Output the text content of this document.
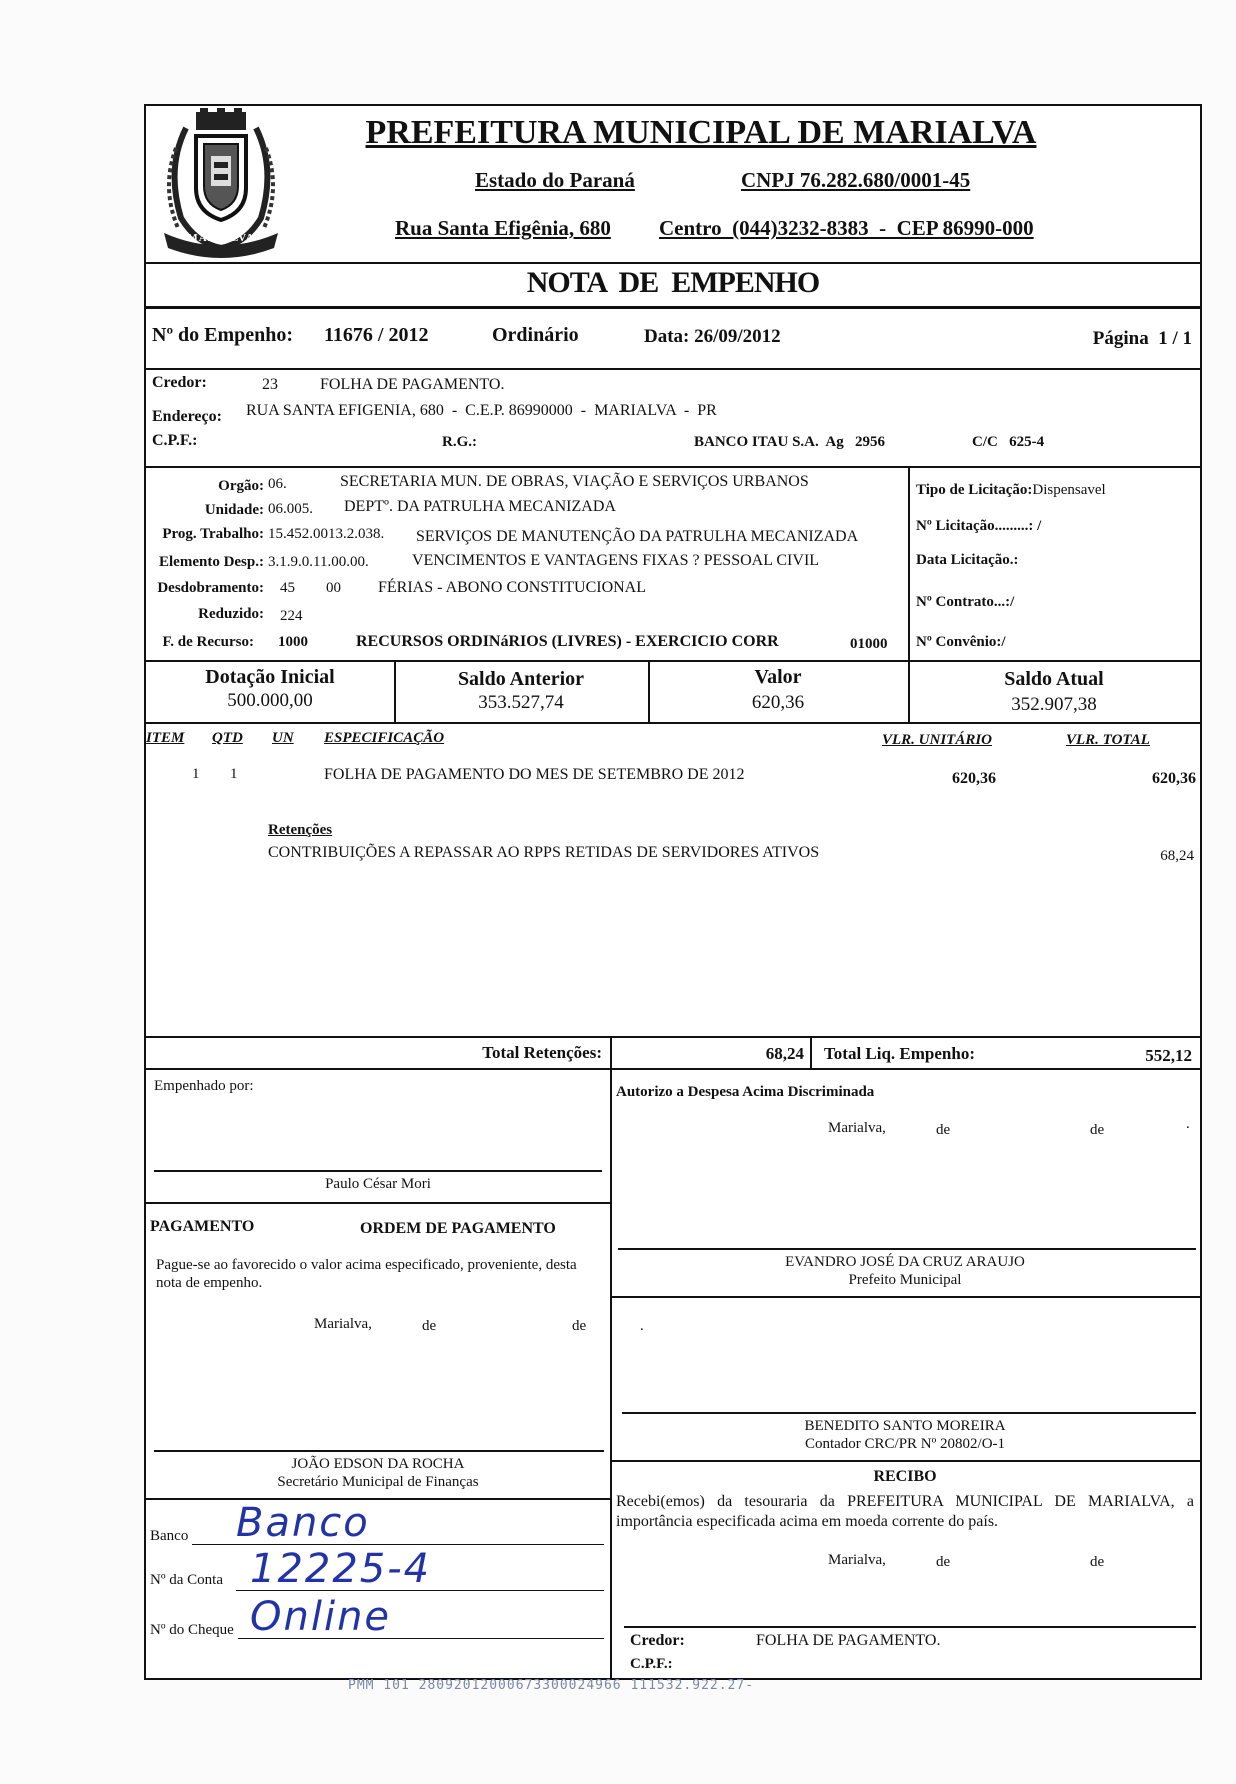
MARIALVA
PREFEITURA MUNICIPAL DE MARIALVA
Estado do Paraná	CNPJ 76.282.680/0001-45
Rua Santa Efigênia, 680 Centro  (044)3232-8383  -  CEP 86990-000
NOTA  DE  EMPENHO
Nº do Empenho: 11676 / 2012	Ordinário	Data: 26/09/2012	Página  1 / 1
Credor:	23	FOLHA DE PAGAMENTO.
Endereço: RUA SANTA EFIGENIA, 680  -  C.E.P. 86990000  -  MARIALVA  -  PR
C.P.F.:	R.G.:	BANCO ITAU S.A.  Ag   2956	C/C   625-4
Orgão: 06.	SECRETARIA MUN. DE OBRAS, VIAÇÃO E SERVIÇOS URBANOS
Unidade: 06.005. DEPTº. DA PATRULHA MECANIZADA
Prog. Trabalho: 15.452.0013.2.038. SERVIÇOS DE MANUTENÇÃO DA PATRULHA MECANIZADA
Elemento Desp.: 3.1.9.0.11.00.00.	VENCIMENTOS E VANTAGENS FIXAS ? PESSOAL CIVIL
Desdobramento: 45 00 FÉRIAS - ABONO CONSTITUCIONAL
Reduzido: 224
F. de Recurso: 1000	RECURSOS ORDINáRIOS (LIVRES) - EXERCICIO CORR	01000
Tipo de Licitação:Dispensavel
Nº Licitação.........: /
Data Licitação.:
Nº Contrato...:/
Nº Convênio:/
Dotação Inicial
500.000,00
Saldo Anterior
353.527,74
Valor
620,36
Saldo Atual
352.907,38
ITEM QTD UN ESPECIFICAÇÃO	VLR. UNITÁRIO	VLR. TOTAL
1 1	FOLHA DE PAGAMENTO DO MES DE SETEMBRO DE 2012	620,36	620,36
Retenções
CONTRIBUIÇÕES A REPASSAR AO RPPS RETIDAS DE SERVIDORES ATIVOS	68,24
Total Retenções:	68,24 Total Liq. Empenho:	552,12
Empenhado por:
Paulo César Mori
PAGAMENTO	ORDEM DE PAGAMENTO
Pague-se ao favorecido o valor acima especificado, proveniente, desta nota de empenho.
Marialva,	de	de	.
JOÃO EDSON DA ROCHA
Secretário Municipal de Finanças
Banco Banco
Nº da Conta 12225-4
Nº do Cheque Online
Autorizo a Despesa Acima Discriminada
Marialva,	de	de	.
EVANDRO JOSÉ DA CRUZ ARAUJO
Prefeito Municipal
BENEDITO SANTO MOREIRA
Contador CRC/PR Nº 20802/O-1
RECIBO
Recebi(emos) da tesouraria da PREFEITURA MUNICIPAL DE MARIALVA, a importância especificada acima em moeda corrente do país.
Marialva,	de	de
Credor:	FOLHA DE PAGAMENTO.
C.P.F.:
PMM 101 28092012000673300024966 111532.922.27-
